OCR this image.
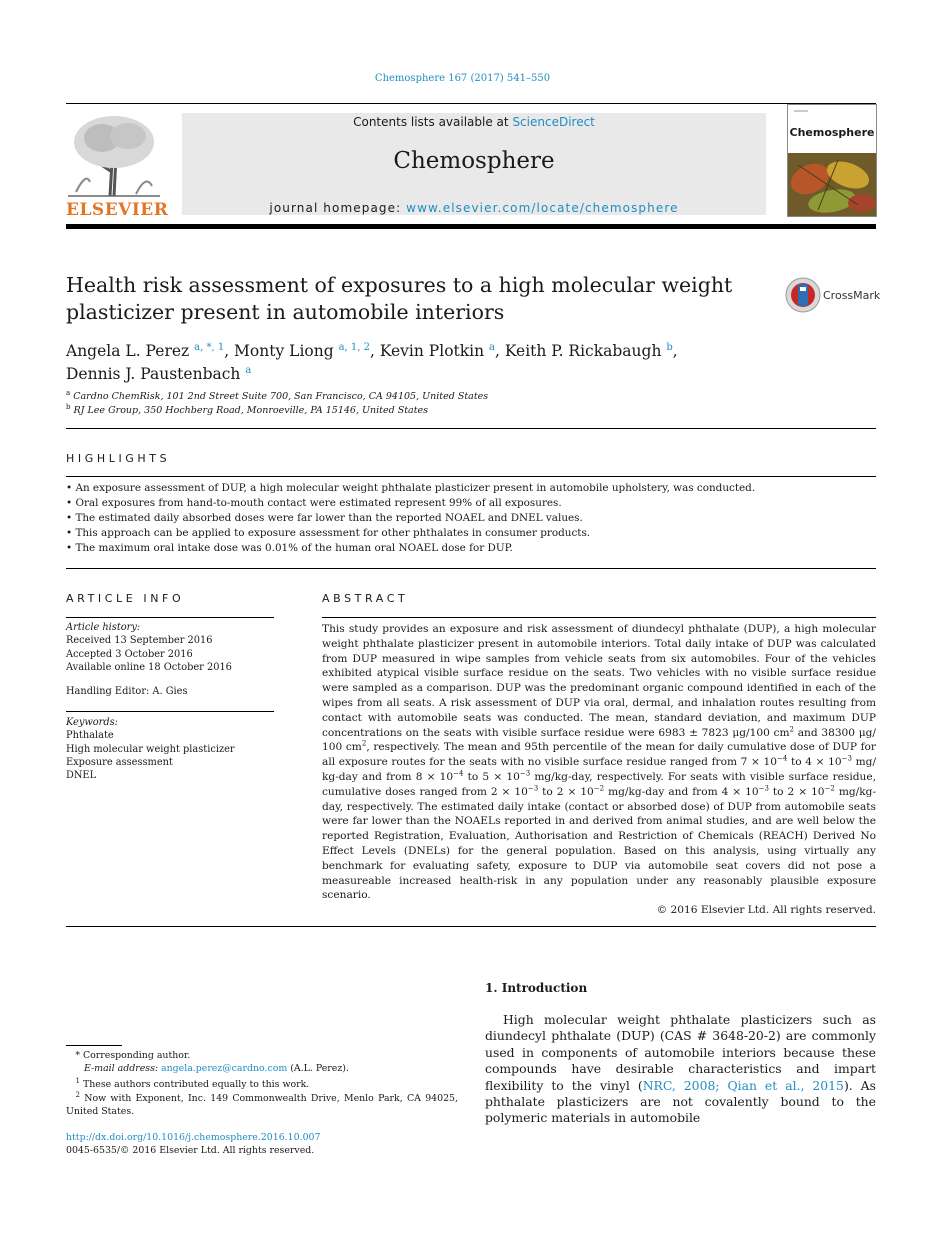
Chemosphere 167 (2017) 541–550
ELSEVIER
Contents lists available at ScienceDirect
Chemosphere
journal homepage: www.elsevier.com/locate/chemosphere
Chemosphere
Health risk assessment of exposures to a high molecular weight plasticizer present in automobile interiors
CrossMark
Angela L. Perez $^{a, *, 1}$, Monty Liong $^{a, 1, 2}$, Kevin Plotkin $^a$, Keith P. Rickabaugh $^b$,
Dennis J. Paustenbach $^a$
$^a$ Cardno ChemRisk, 101 2nd Street Suite 700, San Francisco, CA 94105, United States
$^b$ RJ Lee Group, 350 Hochberg Road, Monroeville, PA 15146, United States
HIGHLIGHTS
• An exposure assessment of DUP, a high molecular weight phthalate plasticizer present in automobile upholstery, was conducted.
• Oral exposures from hand-to-mouth contact were estimated represent 99% of all exposures.
• The estimated daily absorbed doses were far lower than the reported NOAEL and DNEL values.
• This approach can be applied to exposure assessment for other phthalates in consumer products.
• The maximum oral intake dose was 0.01% of the human oral NOAEL dose for DUP.
ARTICLE INFO
Article history:
Received 13 September 2016
Accepted 3 October 2016
Available online 18 October 2016
Handling Editor: A. Gies
Keywords:
Phthalate
High molecular weight plasticizer
Exposure assessment
DNEL
ABSTRACT
This study provides an exposure and risk assessment of diundecyl phthalate (DUP), a high molecular weight phthalate plasticizer present in automobile interiors. Total daily intake of DUP was calculated from DUP measured in wipe samples from vehicle seats from six automobiles. Four of the vehicles exhibited atypical visible surface residue on the seats. Two vehicles with no visible surface residue were sampled as a comparison. DUP was the predominant organic compound identified in each of the wipes from all seats. A risk assessment of DUP via oral, dermal, and inhalation routes resulting from contact with automobile seats was conducted. The mean, standard deviation, and maximum DUP concentrations on the seats with visible surface residue were 6983 ± 7823 μg/100 $cm^2$ and 38300 μg/ 100 $cm^2$, respectively. The mean and 95th percentile of the mean for daily cumulative dose of DUP for all exposure routes for the seats with no visible surface residue ranged from $7 \times 10^{-4}$ to $4 \times 10^{-3}$ mg/ kg-day and from $8 \times 10^{-4}$ to $5 \times 10^{-3}$ mg/kg-day, respectively. For seats with visible surface residue, cumulative doses ranged from $2 \times 10^{-3}$ to $2 \times 10^{-2}$ mg/kg-day and from $4 \times 10^{-3}$ to $2 \times 10^{-2}$ mg/kg-day, respectively. The estimated daily intake (contact or absorbed dose) of DUP from automobile seats were far lower than the NOAELs reported in and derived from animal studies, and are well below the reported Registration, Evaluation, Authorisation and Restriction of Chemicals (REACH) Derived No Effect Levels (DNELs) for the general population. Based on this analysis, using virtually any benchmark for evaluating safety, exposure to DUP via automobile seat covers did not pose a measureable increased health-risk in any population under any reasonably plausible exposure scenario.
© 2016 Elsevier Ltd. All rights reserved.
1. Introduction
High molecular weight phthalate plasticizers such as diundecyl phthalate (DUP) (CAS # 3648-20-2) are commonly used in components of automobile interiors because these compounds have desirable characteristics and impart flexibility to the vinyl (NRC, 2008; Qian et al., 2015). As phthalate plasticizers are not covalently bound to the polymeric materials in automobile
* Corresponding author.
E-mail address: angela.perez@cardno.com (A.L. Perez).
$^1$ These authors contributed equally to this work.
$^2$ Now with Exponent, Inc. 149 Commonwealth Drive, Menlo Park, CA 94025, United States.
http://dx.doi.org/10.1016/j.chemosphere.2016.10.007
0045-6535/© 2016 Elsevier Ltd. All rights reserved.
